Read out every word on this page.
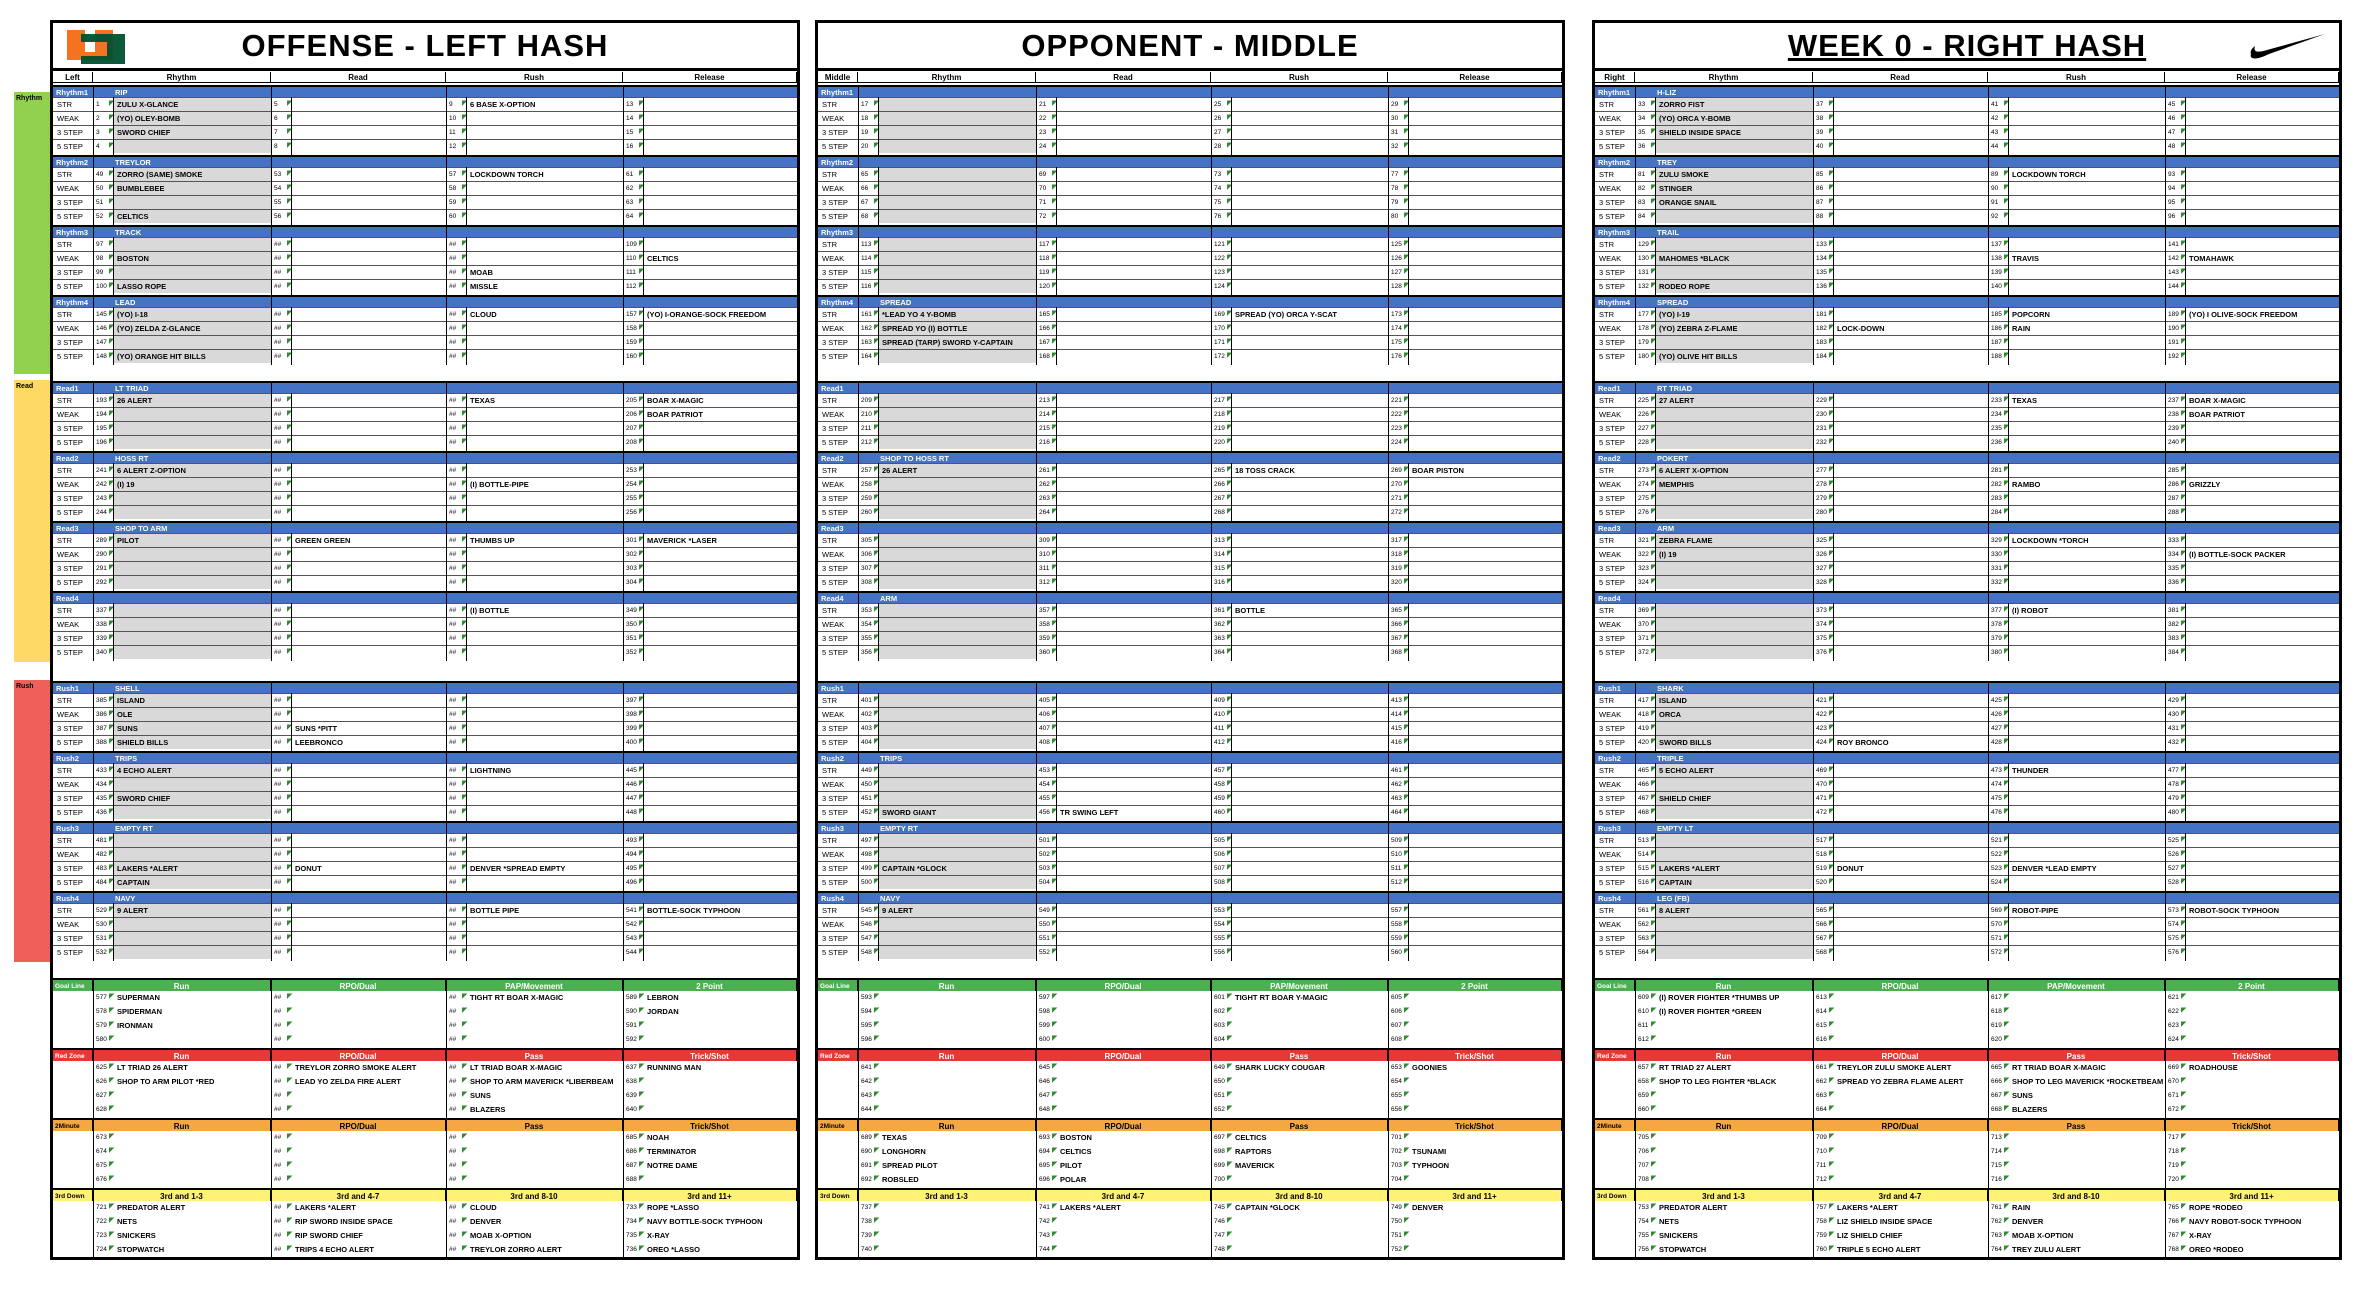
Rhythm
Read
Rush
OFFENSE - LEFT HASH
Left	Rhythm	Read	Rush	Release
Rhythm1	RIP
STR	1 ◤ ZULU X-GLANCE	5 ◤	9 ◤ 6 BASE X-OPTION	13 ◤
WEAK	2 ◤ (YO) OLEY-BOMB	6 ◤	10 ◤	14 ◤
3 STEP 3 ◤ SWORD CHIEF	7 ◤	11 ◤	15 ◤
5 STEP 4 ◤	8 ◤	12 ◤	16 ◤
Rhythm2	TREYLOR
STR	49 ◤ ZORRO (SAME) SMOKE	53 ◤	57 ◤ LOCKDOWN TORCH	61 ◤
WEAK	50 ◤ BUMBLEBEE	54 ◤	58 ◤	62 ◤
3 STEP 51 ◤	55 ◤	59 ◤	63 ◤
5 STEP 52 ◤ CELTICS	56 ◤	60 ◤	64 ◤
Rhythm3	TRACK
STR	97 ◤	## ◤	## ◤	109 ◤
WEAK	98 ◤ BOSTON	## ◤	## ◤	110 ◤ CELTICS
3 STEP 99 ◤	## ◤	## ◤ MOAB	111 ◤
5 STEP 100 ◤ LASSO ROPE	## ◤	## ◤ MISSLE	112 ◤
Rhythm4	LEAD
STR	145 ◤ (YO) I-18	## ◤	## ◤ CLOUD	157 ◤ (YO) I-ORANGE-SOCK FREEDOM
WEAK	146 ◤ (YO) ZELDA Z-GLANCE	## ◤	## ◤	158 ◤
3 STEP 147 ◤	## ◤	## ◤	159 ◤
5 STEP 148 ◤ (YO) ORANGE HIT BILLS	## ◤	## ◤	160 ◤
Read1	LT TRIAD
STR	193 ◤ 26 ALERT	## ◤	## ◤ TEXAS	205 ◤ BOAR X-MAGIC
WEAK	194 ◤	## ◤	## ◤	206 ◤ BOAR PATRIOT
3 STEP 195 ◤	## ◤	## ◤	207 ◤
5 STEP 196 ◤	## ◤	## ◤	208 ◤
Read2	HOSS RT
STR	241 ◤ 6 ALERT Z-OPTION	## ◤	## ◤	253 ◤
WEAK	242 ◤ (I) 19	## ◤	## ◤ (I) BOTTLE-PIPE	254 ◤
3 STEP 243 ◤	## ◤	## ◤	255 ◤
5 STEP 244 ◤	## ◤	## ◤	256 ◤
Read3	SHOP TO ARM
STR	289 ◤ PILOT	## ◤ GREEN GREEN	## ◤ THUMBS UP	301 ◤ MAVERICK *LASER
WEAK	290 ◤	## ◤	## ◤	302 ◤
3 STEP 291 ◤	## ◤	## ◤	303 ◤
5 STEP 292 ◤	## ◤	## ◤	304 ◤
Read4
STR	337 ◤	## ◤	## ◤ (I) BOTTLE	349 ◤
WEAK	338 ◤	## ◤	## ◤	350 ◤
3 STEP 339 ◤	## ◤	## ◤	351 ◤
5 STEP 340 ◤	## ◤	## ◤	352 ◤
Rush1	SHELL
STR	385 ◤ ISLAND	## ◤	## ◤	397 ◤
WEAK	386 ◤ OLE	## ◤	## ◤	398 ◤
3 STEP 387 ◤ SUNS	## ◤ SUNS *PITT	## ◤	399 ◤
5 STEP 388 ◤ SHIELD BILLS	## ◤ LEEBRONCO	## ◤	400 ◤
Rush2	TRIPS
STR	433 ◤ 4 ECHO ALERT	## ◤	## ◤ LIGHTNING	445 ◤
WEAK	434 ◤	## ◤	## ◤	446 ◤
3 STEP 435 ◤ SWORD CHIEF	## ◤	## ◤	447 ◤
5 STEP 436 ◤	## ◤	## ◤	448 ◤
Rush3	EMPTY RT
STR	481 ◤	## ◤	## ◤	493 ◤
WEAK	482 ◤	## ◤	## ◤	494 ◤
3 STEP 483 ◤ LAKERS *ALERT	## ◤ DONUT	## ◤ DENVER *SPREAD EMPTY	495 ◤
5 STEP 484 ◤ CAPTAIN	## ◤	## ◤	496 ◤
Rush4	NAVY
STR	529 ◤ 9 ALERT	## ◤	## ◤ BOTTLE PIPE	541 ◤ BOTTLE-SOCK TYPHOON
WEAK	530 ◤	## ◤	## ◤	542 ◤
3 STEP 531 ◤	## ◤	## ◤	543 ◤
5 STEP 532 ◤	## ◤	## ◤	544 ◤
Goal Line	Run	RPO/Dual	PAP/Movement	2 Point
577 ◤ SUPERMAN	## ◤	## ◤ TIGHT RT BOAR X-MAGIC	589 ◤ LEBRON
578 ◤ SPIDERMAN	## ◤	## ◤	590 ◤ JORDAN
579 ◤ IRONMAN	## ◤	## ◤	591 ◤
580 ◤	## ◤	## ◤	592 ◤
Red Zone	Run	RPO/Dual	Pass	Trick/Shot
625 ◤ LT TRIAD 26 ALERT	## ◤ TREYLOR ZORRO SMOKE ALERT	## ◤ LT TRIAD BOAR X-MAGIC	637 ◤ RUNNING MAN
626 ◤ SHOP TO ARM PILOT *RED	## ◤ LEAD YO ZELDA FIRE ALERT	## ◤ SHOP TO ARM MAVERICK *LIBERBEAM	638 ◤
627 ◤	## ◤	## ◤ SUNS	639 ◤
628 ◤	## ◤	## ◤ BLAZERS	640 ◤
2Minute	Run	RPO/Dual	Pass	Trick/Shot
673 ◤	## ◤	## ◤	685 ◤ NOAH
674 ◤	## ◤	## ◤	686 ◤ TERMINATOR
675 ◤	## ◤	## ◤	687 ◤ NOTRE DAME
676 ◤	## ◤	## ◤	688 ◤
3rd Down	3rd and 1-3	3rd and 4-7	3rd and 8-10	3rd and 11+
721 ◤ PREDATOR ALERT	## ◤ LAKERS *ALERT	## ◤ CLOUD	733 ◤ ROPE *LASSO
722 ◤ NETS	## ◤ RIP SWORD INSIDE SPACE	## ◤ DENVER	734 ◤ NAVY BOTTLE-SOCK TYPHOON
723 ◤ SNICKERS	## ◤ RIP SWORD CHIEF	## ◤ MOAB X-OPTION	735 ◤ X-RAY
724 ◤ STOPWATCH	## ◤ TRIPS 4 ECHO ALERT	## ◤ TREYLOR ZORRO ALERT	736 ◤ OREO *LASSO
OPPONENT - MIDDLE
Middle	Rhythm	Read	Rush	Release
Rhythm1
STR	17 ◤	21 ◤	25 ◤	29 ◤
WEAK	18 ◤	22 ◤	26 ◤	30 ◤
3 STEP 19 ◤	23 ◤	27 ◤	31 ◤
5 STEP 20 ◤	24 ◤	28 ◤	32 ◤
Rhythm2
STR	65 ◤	69 ◤	73 ◤	77 ◤
WEAK	66 ◤	70 ◤	74 ◤	78 ◤
3 STEP 67 ◤	71 ◤	75 ◤	79 ◤
5 STEP 68 ◤	72 ◤	76 ◤	80 ◤
Rhythm3
STR	113 ◤	117 ◤	121 ◤	125 ◤
WEAK	114 ◤	118 ◤	122 ◤	126 ◤
3 STEP 115 ◤	119 ◤	123 ◤	127 ◤
5 STEP 116 ◤	120 ◤	124 ◤	128 ◤
Rhythm4	SPREAD
STR	161 ◤ *LEAD YO 4 Y-BOMB	165 ◤	169 ◤ SPREAD (YO) ORCA Y-SCAT	173 ◤
WEAK	162 ◤ SPREAD YO (I) BOTTLE	166 ◤	170 ◤	174 ◤
3 STEP 163 ◤ SPREAD (TARP) SWORD Y-CAPTAIN	167 ◤	171 ◤	175 ◤
5 STEP 164 ◤	168 ◤	172 ◤	176 ◤
Read1
STR	209 ◤	213 ◤	217 ◤	221 ◤
WEAK	210 ◤	214 ◤	218 ◤	222 ◤
3 STEP 211 ◤	215 ◤	219 ◤	223 ◤
5 STEP 212 ◤	216 ◤	220 ◤	224 ◤
Read2	SHOP TO HOSS RT
STR	257 ◤ 26 ALERT	261 ◤	265 ◤ 18 TOSS CRACK	269 ◤ BOAR PISTON
WEAK	258 ◤	262 ◤	266 ◤	270 ◤
3 STEP 259 ◤	263 ◤	267 ◤	271 ◤
5 STEP 260 ◤	264 ◤	268 ◤	272 ◤
Read3
STR	305 ◤	309 ◤	313 ◤	317 ◤
WEAK	306 ◤	310 ◤	314 ◤	318 ◤
3 STEP 307 ◤	311 ◤	315 ◤	319 ◤
5 STEP 308 ◤	312 ◤	316 ◤	320 ◤
Read4	ARM
STR	353 ◤	357 ◤	361 ◤ BOTTLE	365 ◤
WEAK	354 ◤	358 ◤	362 ◤	366 ◤
3 STEP 355 ◤	359 ◤	363 ◤	367 ◤
5 STEP 356 ◤	360 ◤	364 ◤	368 ◤
Rush1
STR	401 ◤	405 ◤	409 ◤	413 ◤
WEAK	402 ◤	406 ◤	410 ◤	414 ◤
3 STEP 403 ◤	407 ◤	411 ◤	415 ◤
5 STEP 404 ◤	408 ◤	412 ◤	416 ◤
Rush2	TRIPS
STR	449 ◤	453 ◤	457 ◤	461 ◤
WEAK	450 ◤	454 ◤	458 ◤	462 ◤
3 STEP 451 ◤	455 ◤	459 ◤	463 ◤
5 STEP 452 ◤ SWORD GIANT	456 ◤ TR SWING LEFT	460 ◤	464 ◤
Rush3	EMPTY RT
STR	497 ◤	501 ◤	505 ◤	509 ◤
WEAK	498 ◤	502 ◤	506 ◤	510 ◤
3 STEP 499 ◤ CAPTAIN *GLOCK	503 ◤	507 ◤	511 ◤
5 STEP 500 ◤	504 ◤	508 ◤	512 ◤
Rush4	NAVY
STR	545 ◤ 9 ALERT	549 ◤	553 ◤	557 ◤
WEAK	546 ◤	550 ◤	554 ◤	558 ◤
3 STEP 547 ◤	551 ◤	555 ◤	559 ◤
5 STEP 548 ◤	552 ◤	556 ◤	560 ◤
Goal Line	Run	RPO/Dual	PAP/Movement	2 Point
593 ◤	597 ◤	601 ◤ TIGHT RT BOAR Y-MAGIC	605 ◤
594 ◤	598 ◤	602 ◤	606 ◤
595 ◤	599 ◤	603 ◤	607 ◤
596 ◤	600 ◤	604 ◤	608 ◤
Red Zone	Run	RPO/Dual	Pass	Trick/Shot
641 ◤	645 ◤	649 ◤ SHARK LUCKY COUGAR	653 ◤ GOONIES
642 ◤	646 ◤	650 ◤	654 ◤
643 ◤	647 ◤	651 ◤	655 ◤
644 ◤	648 ◤	652 ◤	656 ◤
2Minute	Run	RPO/Dual	Pass	Trick/Shot
689 ◤ TEXAS	693 ◤ BOSTON	697 ◤ CELTICS	701 ◤
690 ◤ LONGHORN	694 ◤ CELTICS	698 ◤ RAPTORS	702 ◤ TSUNAMI
691 ◤ SPREAD PILOT	695 ◤ PILOT	699 ◤ MAVERICK	703 ◤ TYPHOON
692 ◤ ROBSLED	696 ◤ POLAR	700 ◤	704 ◤
3rd Down	3rd and 1-3	3rd and 4-7	3rd and 8-10	3rd and 11+
737 ◤	741 ◤ LAKERS *ALERT	745 ◤ CAPTAIN *GLOCK	749 ◤ DENVER
738 ◤	742 ◤	746 ◤	750 ◤
739 ◤	743 ◤	747 ◤	751 ◤
740 ◤	744 ◤	748 ◤	752 ◤
WEEK 0 - RIGHT HASH
Right	Rhythm	Read	Rush	Release
Rhythm1	H-LIZ
STR	33 ◤ ZORRO FIST	37 ◤	41 ◤	45 ◤
WEAK	34 ◤ (YO) ORCA Y-BOMB	38 ◤	42 ◤	46 ◤
3 STEP 35 ◤ SHIELD INSIDE SPACE	39 ◤	43 ◤	47 ◤
5 STEP 36 ◤	40 ◤	44 ◤	48 ◤
Rhythm2	TREY
STR	81 ◤ ZULU SMOKE	85 ◤	89 ◤ LOCKDOWN TORCH	93 ◤
WEAK	82 ◤ STINGER	86 ◤	90 ◤	94 ◤
3 STEP 83 ◤ ORANGE SNAIL	87 ◤	91 ◤	95 ◤
5 STEP 84 ◤	88 ◤	92 ◤	96 ◤
Rhythm3	TRAIL
STR	129 ◤	133 ◤	137 ◤	141 ◤
WEAK	130 ◤ MAHOMES *BLACK	134 ◤	138 ◤ TRAVIS	142 ◤ TOMAHAWK
3 STEP 131 ◤	135 ◤	139 ◤	143 ◤
5 STEP 132 ◤ RODEO ROPE	136 ◤	140 ◤	144 ◤
Rhythm4	SPREAD
STR	177 ◤ (YO) I-19	181 ◤	185 ◤ POPCORN	189 ◤ (YO) I OLIVE-SOCK FREEDOM
WEAK	178 ◤ (YO) ZEBRA Z-FLAME	182 ◤ LOCK-DOWN	186 ◤ RAIN	190 ◤
3 STEP 179 ◤	183 ◤	187 ◤	191 ◤
5 STEP 180 ◤ (YO) OLIVE HIT BILLS	184 ◤	188 ◤	192 ◤
Read1	RT TRIAD
STR	225 ◤ 27 ALERT	229 ◤	233 ◤ TEXAS	237 ◤ BOAR X-MAGIC
WEAK	226 ◤	230 ◤	234 ◤	238 ◤ BOAR PATRIOT
3 STEP 227 ◤	231 ◤	235 ◤	239 ◤
5 STEP 228 ◤	232 ◤	236 ◤	240 ◤
Read2	POKERT
STR	273 ◤ 6 ALERT X-OPTION	277 ◤	281 ◤	285 ◤
WEAK	274 ◤ MEMPHIS	278 ◤	282 ◤ RAMBO	286 ◤ GRIZZLY
3 STEP 275 ◤	279 ◤	283 ◤	287 ◤
5 STEP 276 ◤	280 ◤	284 ◤	288 ◤
Read3	ARM
STR	321 ◤ ZEBRA FLAME	325 ◤	329 ◤ LOCKDOWN *TORCH	333 ◤
WEAK	322 ◤ (I) 19	326 ◤	330 ◤	334 ◤ (I) BOTTLE-SOCK PACKER
3 STEP 323 ◤	327 ◤	331 ◤	335 ◤
5 STEP 324 ◤	328 ◤	332 ◤	336 ◤
Read4
STR	369 ◤	373 ◤	377 ◤ (I) ROBOT	381 ◤
WEAK	370 ◤	374 ◤	378 ◤	382 ◤
3 STEP 371 ◤	375 ◤	379 ◤	383 ◤
5 STEP 372 ◤	376 ◤	380 ◤	384 ◤
Rush1	SHARK
STR	417 ◤ ISLAND	421 ◤	425 ◤	429 ◤
WEAK	418 ◤ ORCA	422 ◤	426 ◤	430 ◤
3 STEP 419 ◤	423 ◤	427 ◤	431 ◤
5 STEP 420 ◤ SWORD BILLS	424 ◤ ROY BRONCO	428 ◤	432 ◤
Rush2	TRIPLE
STR	465 ◤ 5 ECHO ALERT	469 ◤	473 ◤ THUNDER	477 ◤
WEAK	466 ◤	470 ◤	474 ◤	478 ◤
3 STEP 467 ◤ SHIELD CHIEF	471 ◤	475 ◤	479 ◤
5 STEP 468 ◤	472 ◤	476 ◤	480 ◤
Rush3	EMPTY LT
STR	513 ◤	517 ◤	521 ◤	525 ◤
WEAK	514 ◤	518 ◤	522 ◤	526 ◤
3 STEP 515 ◤ LAKERS *ALERT	519 ◤ DONUT	523 ◤ DENVER *LEAD EMPTY	527 ◤
5 STEP 516 ◤ CAPTAIN	520 ◤	524 ◤	528 ◤
Rush4	LEG (FB)
STR	561 ◤ 8 ALERT	565 ◤	569 ◤ ROBOT-PIPE	573 ◤ ROBOT-SOCK TYPHOON
WEAK	562 ◤	566 ◤	570 ◤	574 ◤
3 STEP 563 ◤	567 ◤	571 ◤	575 ◤
5 STEP 564 ◤	568 ◤	572 ◤	576 ◤
Goal Line	Run	RPO/Dual	PAP/Movement	2 Point
609 ◤ (I) ROVER FIGHTER *THUMBS UP	613 ◤	617 ◤	621 ◤
610 ◤ (I) ROVER FIGHTER *GREEN	614 ◤	618 ◤	622 ◤
611 ◤	615 ◤	619 ◤	623 ◤
612 ◤	616 ◤	620 ◤	624 ◤
Red Zone	Run	RPO/Dual	Pass	Trick/Shot
657 ◤ RT TRIAD 27 ALERT	661 ◤ TREYLOR ZULU SMOKE ALERT	665 ◤ RT TRIAD BOAR X-MAGIC	669 ◤ ROADHOUSE
658 ◤ SHOP TO LEG FIGHTER *BLACK	662 ◤ SPREAD YO ZEBRA FLAME ALERT	666 ◤ SHOP TO LEG MAVERICK *ROCKETBEAM 670 ◤
659 ◤	663 ◤	667 ◤ SUNS	671 ◤
660 ◤	664 ◤	668 ◤ BLAZERS	672 ◤
2Minute	Run	RPO/Dual	Pass	Trick/Shot
705 ◤	709 ◤	713 ◤	717 ◤
706 ◤	710 ◤	714 ◤	718 ◤
707 ◤	711 ◤	715 ◤	719 ◤
708 ◤	712 ◤	716 ◤	720 ◤
3rd Down	3rd and 1-3	3rd and 4-7	3rd and 8-10	3rd and 11+
753 ◤ PREDATOR ALERT	757 ◤ LAKERS *ALERT	761 ◤ RAIN	765 ◤ ROPE *RODEO
754 ◤ NETS	758 ◤ LIZ SHIELD INSIDE SPACE	762 ◤ DENVER	766 ◤ NAVY ROBOT-SOCK TYPHOON
755 ◤ SNICKERS	759 ◤ LIZ SHIELD CHIEF	763 ◤ MOAB X-OPTION	767 ◤ X-RAY
756 ◤ STOPWATCH	760 ◤ TRIPLE 5 ECHO ALERT	764 ◤ TREY ZULU ALERT	768 ◤ OREO *RODEO
